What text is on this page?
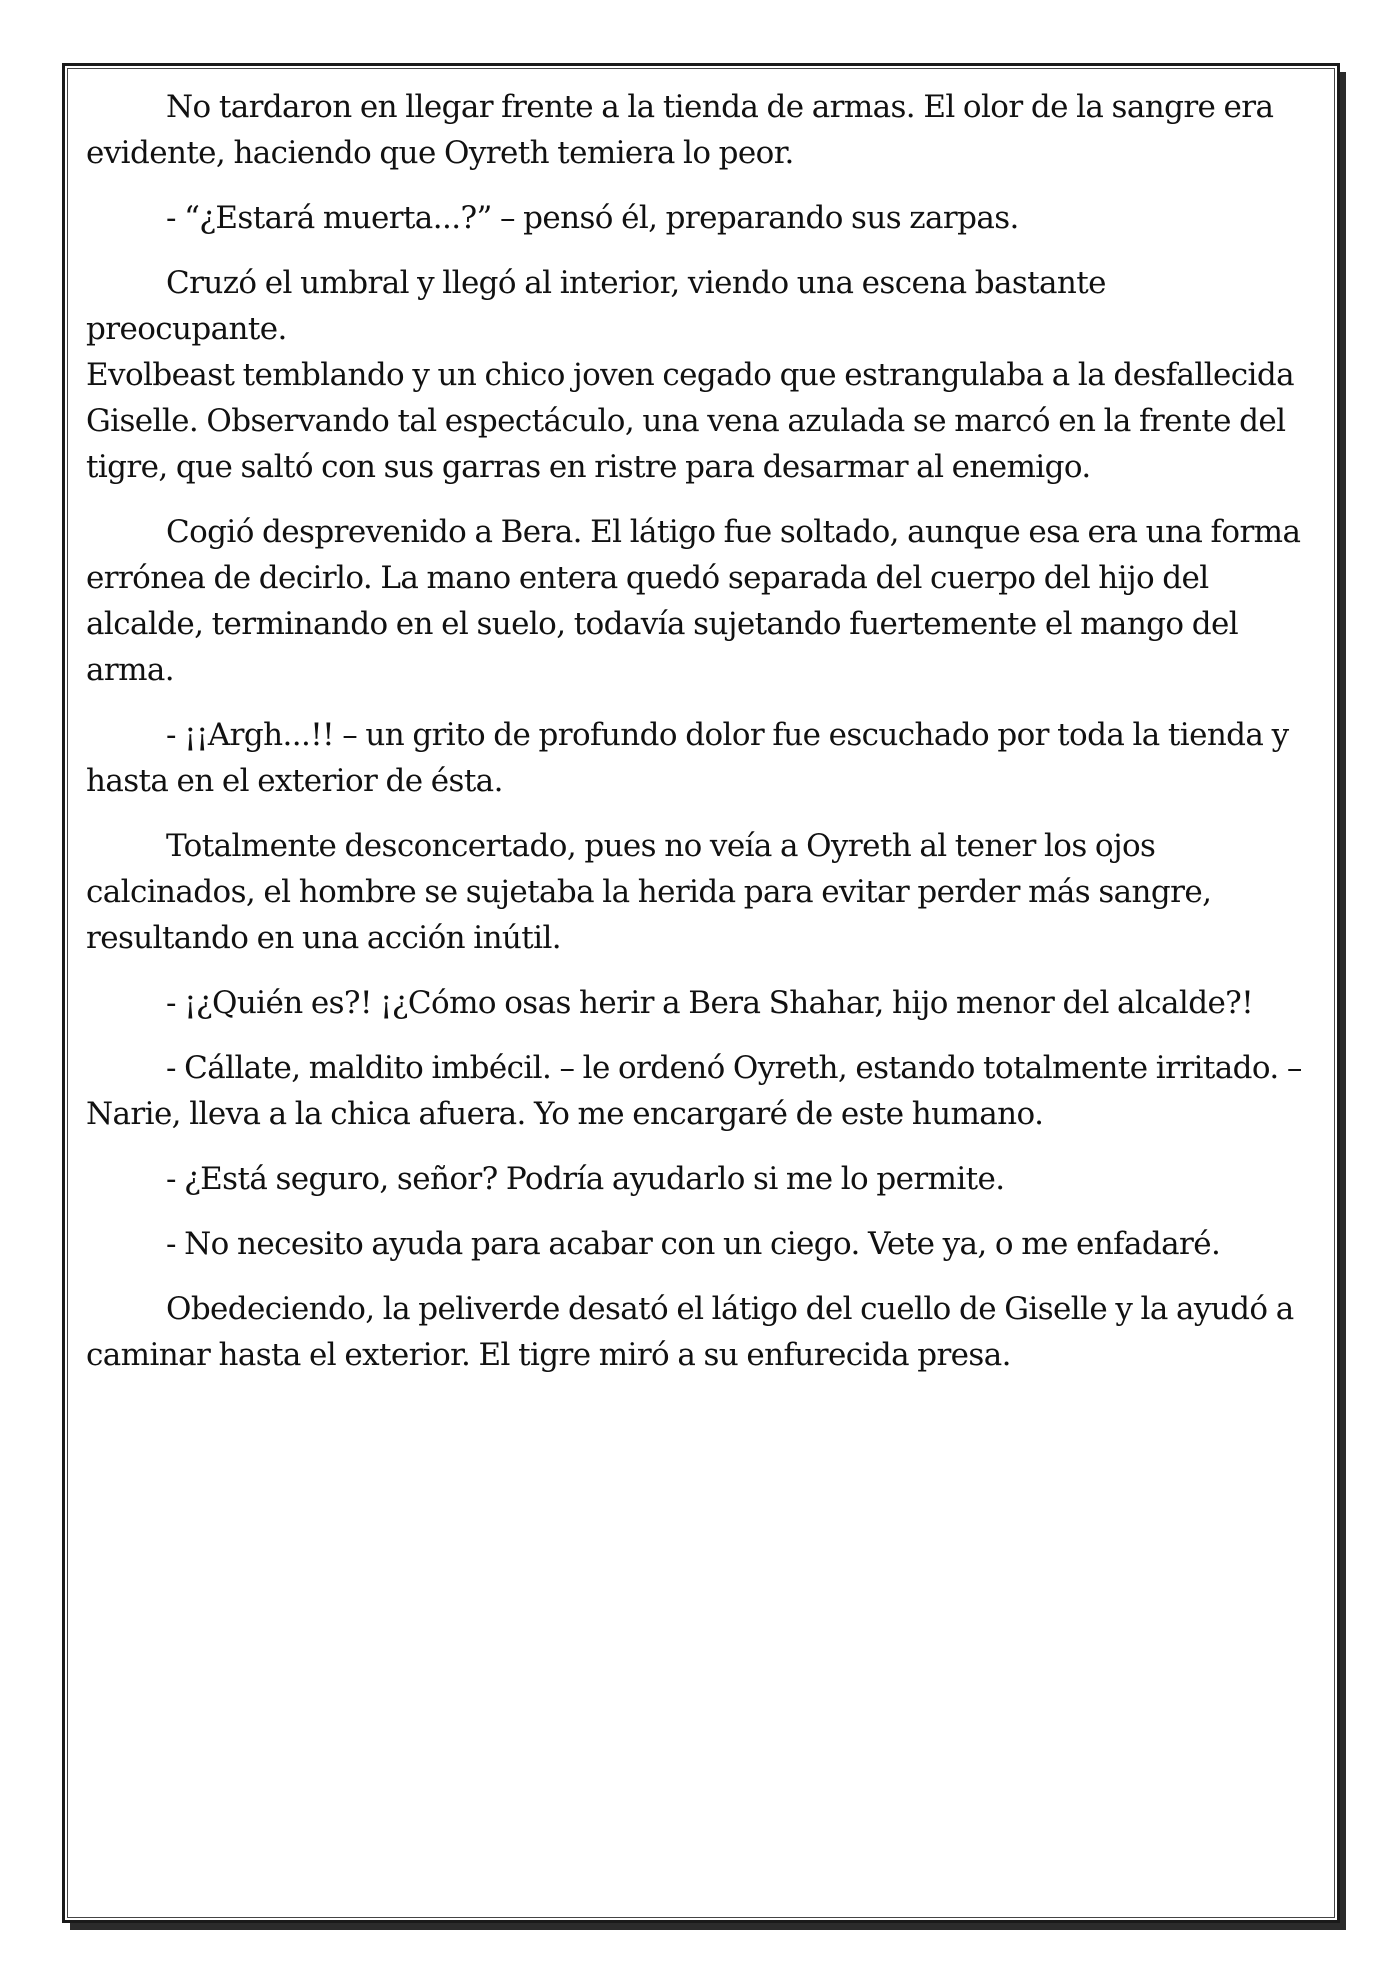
No tardaron en llegar frente a la tienda de armas. El olor de la sangre era
evidente, haciendo que Oyreth temiera lo peor.

- “¿Estará muerta...?” – pensó él, preparando sus zarpas.

Cruzó el umbral y llegó al interior, viendo una escena bastante preocupante.
Evolbeast temblando y un chico joven cegado que estrangulaba a la desfallecida
Giselle. Observando tal espectáculo, una vena azulada se marcó en la frente del
tigre, que saltó con sus garras en ristre para desarmar al enemigo.

Cogió desprevenido a Bera. El látigo fue soltado, aunque esa era una forma
errónea de decirlo. La mano entera quedó separada del cuerpo del hijo del
alcalde, terminando en el suelo, todavía sujetando fuertemente el mango del arma.

- ¡¡Argh...!! – un grito de profundo dolor fue escuchado por toda la tienda y
hasta en el exterior de ésta.

Totalmente desconcertado, pues no veía a Oyreth al tener los ojos
calcinados, el hombre se sujetaba la herida para evitar perder más sangre,
resultando en una acción inútil.

- ¡¿Quién es?! ¡¿Cómo osas herir a Bera Shahar, hijo menor del alcalde?!

- Cállate, maldito imbécil. – le ordenó Oyreth, estando totalmente irritado. –
Narie, lleva a la chica afuera. Yo me encargaré de este humano.

- ¿Está seguro, señor? Podría ayudarlo si me lo permite.

- No necesito ayuda para acabar con un ciego. Vete ya, o me enfadaré.

Obedeciendo, la peliverde desató el látigo del cuello de Giselle y la ayudó a
caminar hasta el exterior. El tigre miró a su enfurecida presa.
